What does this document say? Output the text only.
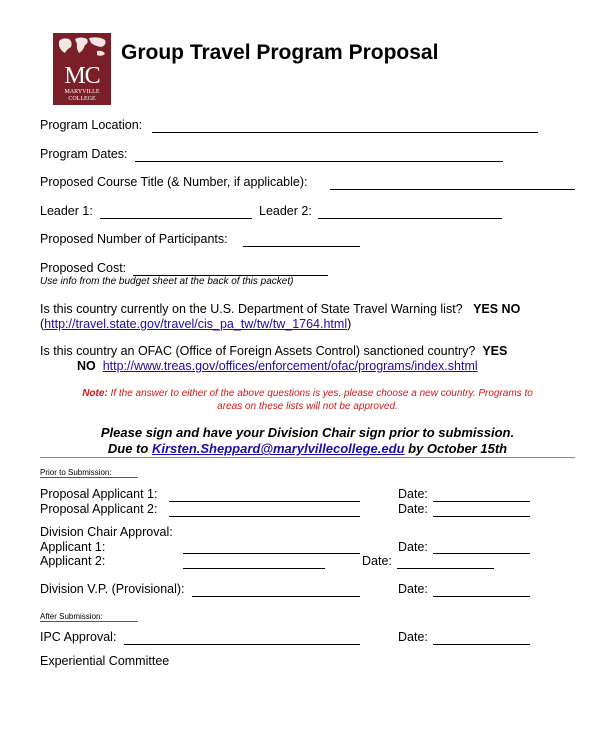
MC
MARYVILLE COLLEGE
Group Travel Program Proposal
Program Location:
Program Dates:
Proposed Course Title (& Number, if applicable):
Leader 1:	Leader 2:
Proposed Number of Participants:
Proposed Cost:
Use info from the budget sheet at the back of this packet)
Is this country currently on the U.S. Department of State Travel Warning list? YES NO
(http://travel.state.gov/travel/cis_pa_tw/tw/tw_1764.html)
Is this country an OFAC (Office of Foreign Assets Control) sanctioned country? YES
NO http://www.treas.gov/offices/enforcement/ofac/programs/index.shtml
Note: If the answer to either of the above questions is yes, please choose a new country. Programs to
areas on these lists will not be approved.
Please sign and have your Division Chair sign prior to submission.
Due to Kirsten.Sheppard@marylvillecollege.edu by October 15th
Prior to Submission:
Proposal Applicant 1:	Date:
Proposal Applicant 2:	Date:
Division Chair Approval:
Applicant 1:	Date:
Applicant 2:	Date:
Division V.P. (Provisional):	Date:
After Submission:
IPC Approval:	Date:
Experiential Committee
